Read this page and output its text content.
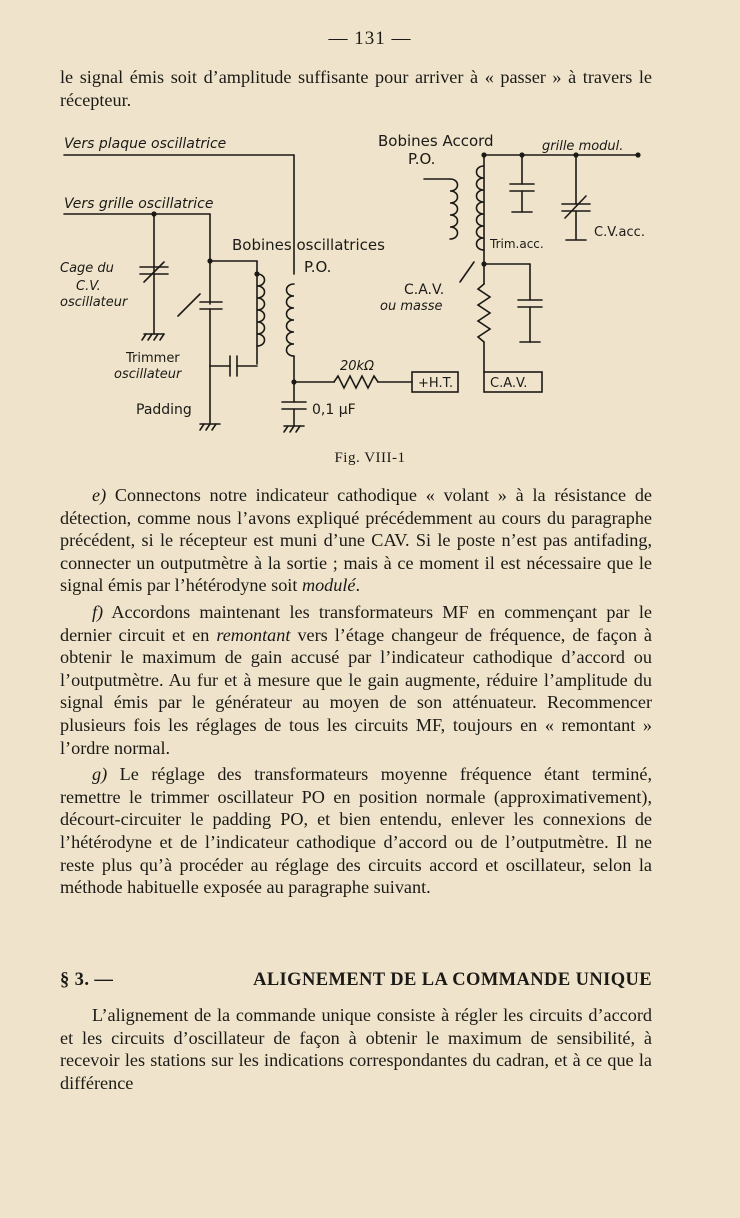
— 131 —

le signal émis soit d’amplitude suffisante pour arriver à « passer » à travers le récepteur.

Vers plaque oscillatrice
Vers grille oscillatrice
Cage du
C.V.
oscillateur
Bobines oscillatrices
P.O.
Trimmer
oscillateur
Padding
20kΩ
+H.T.
0,1 μF
Bobines Accord
P.O.
grille modul.
Trim.acc.
C.V.acc.
C.A.V.
ou masse
C.A.V.
Fig. VIII-1

e) Connectons notre indicateur cathodique « volant » à la résistance de détection, comme nous l’avons expliqué précédemment au cours du paragraphe précédent, si le récepteur est muni d’une CAV. Si le poste n’est pas antifading, connecter un outputmètre à la sortie ; mais à ce moment il est nécessaire que le signal émis par l’hétérodyne soit modulé.

f) Accordons maintenant les transformateurs MF en commençant par le dernier circuit et en remontant vers l’étage changeur de fréquence, de façon à obtenir le maximum de gain accusé par l’indicateur cathodique d’accord ou l’outputmètre. Au fur et à mesure que le gain augmente, réduire l’amplitude du signal émis par le générateur au moyen de son atténuateur. Recommencer plusieurs fois les réglages de tous les circuits MF, toujours en « remontant » l’ordre normal.

g) Le réglage des transformateurs moyenne fréquence étant terminé, remettre le trimmer oscillateur PO en position normale (approximativement), décourt-circuiter le padding PO, et bien entendu, enlever les connexions de l’hétérodyne et de l’indicateur cathodique d’accord ou de l’outputmètre. Il ne reste plus qu’à procéder au réglage des circuits accord et oscillateur, selon la méthode habituelle exposée au paragraphe suivant.

§ 3. —	ALIGNEMENT DE LA COMMANDE UNIQUE

L’alignement de la commande unique consiste à régler les circuits d’accord et les circuits d’oscillateur de façon à obtenir le maximum de sensibilité, à recevoir les stations sur les indications correspondantes du cadran, et à ce que la différence
